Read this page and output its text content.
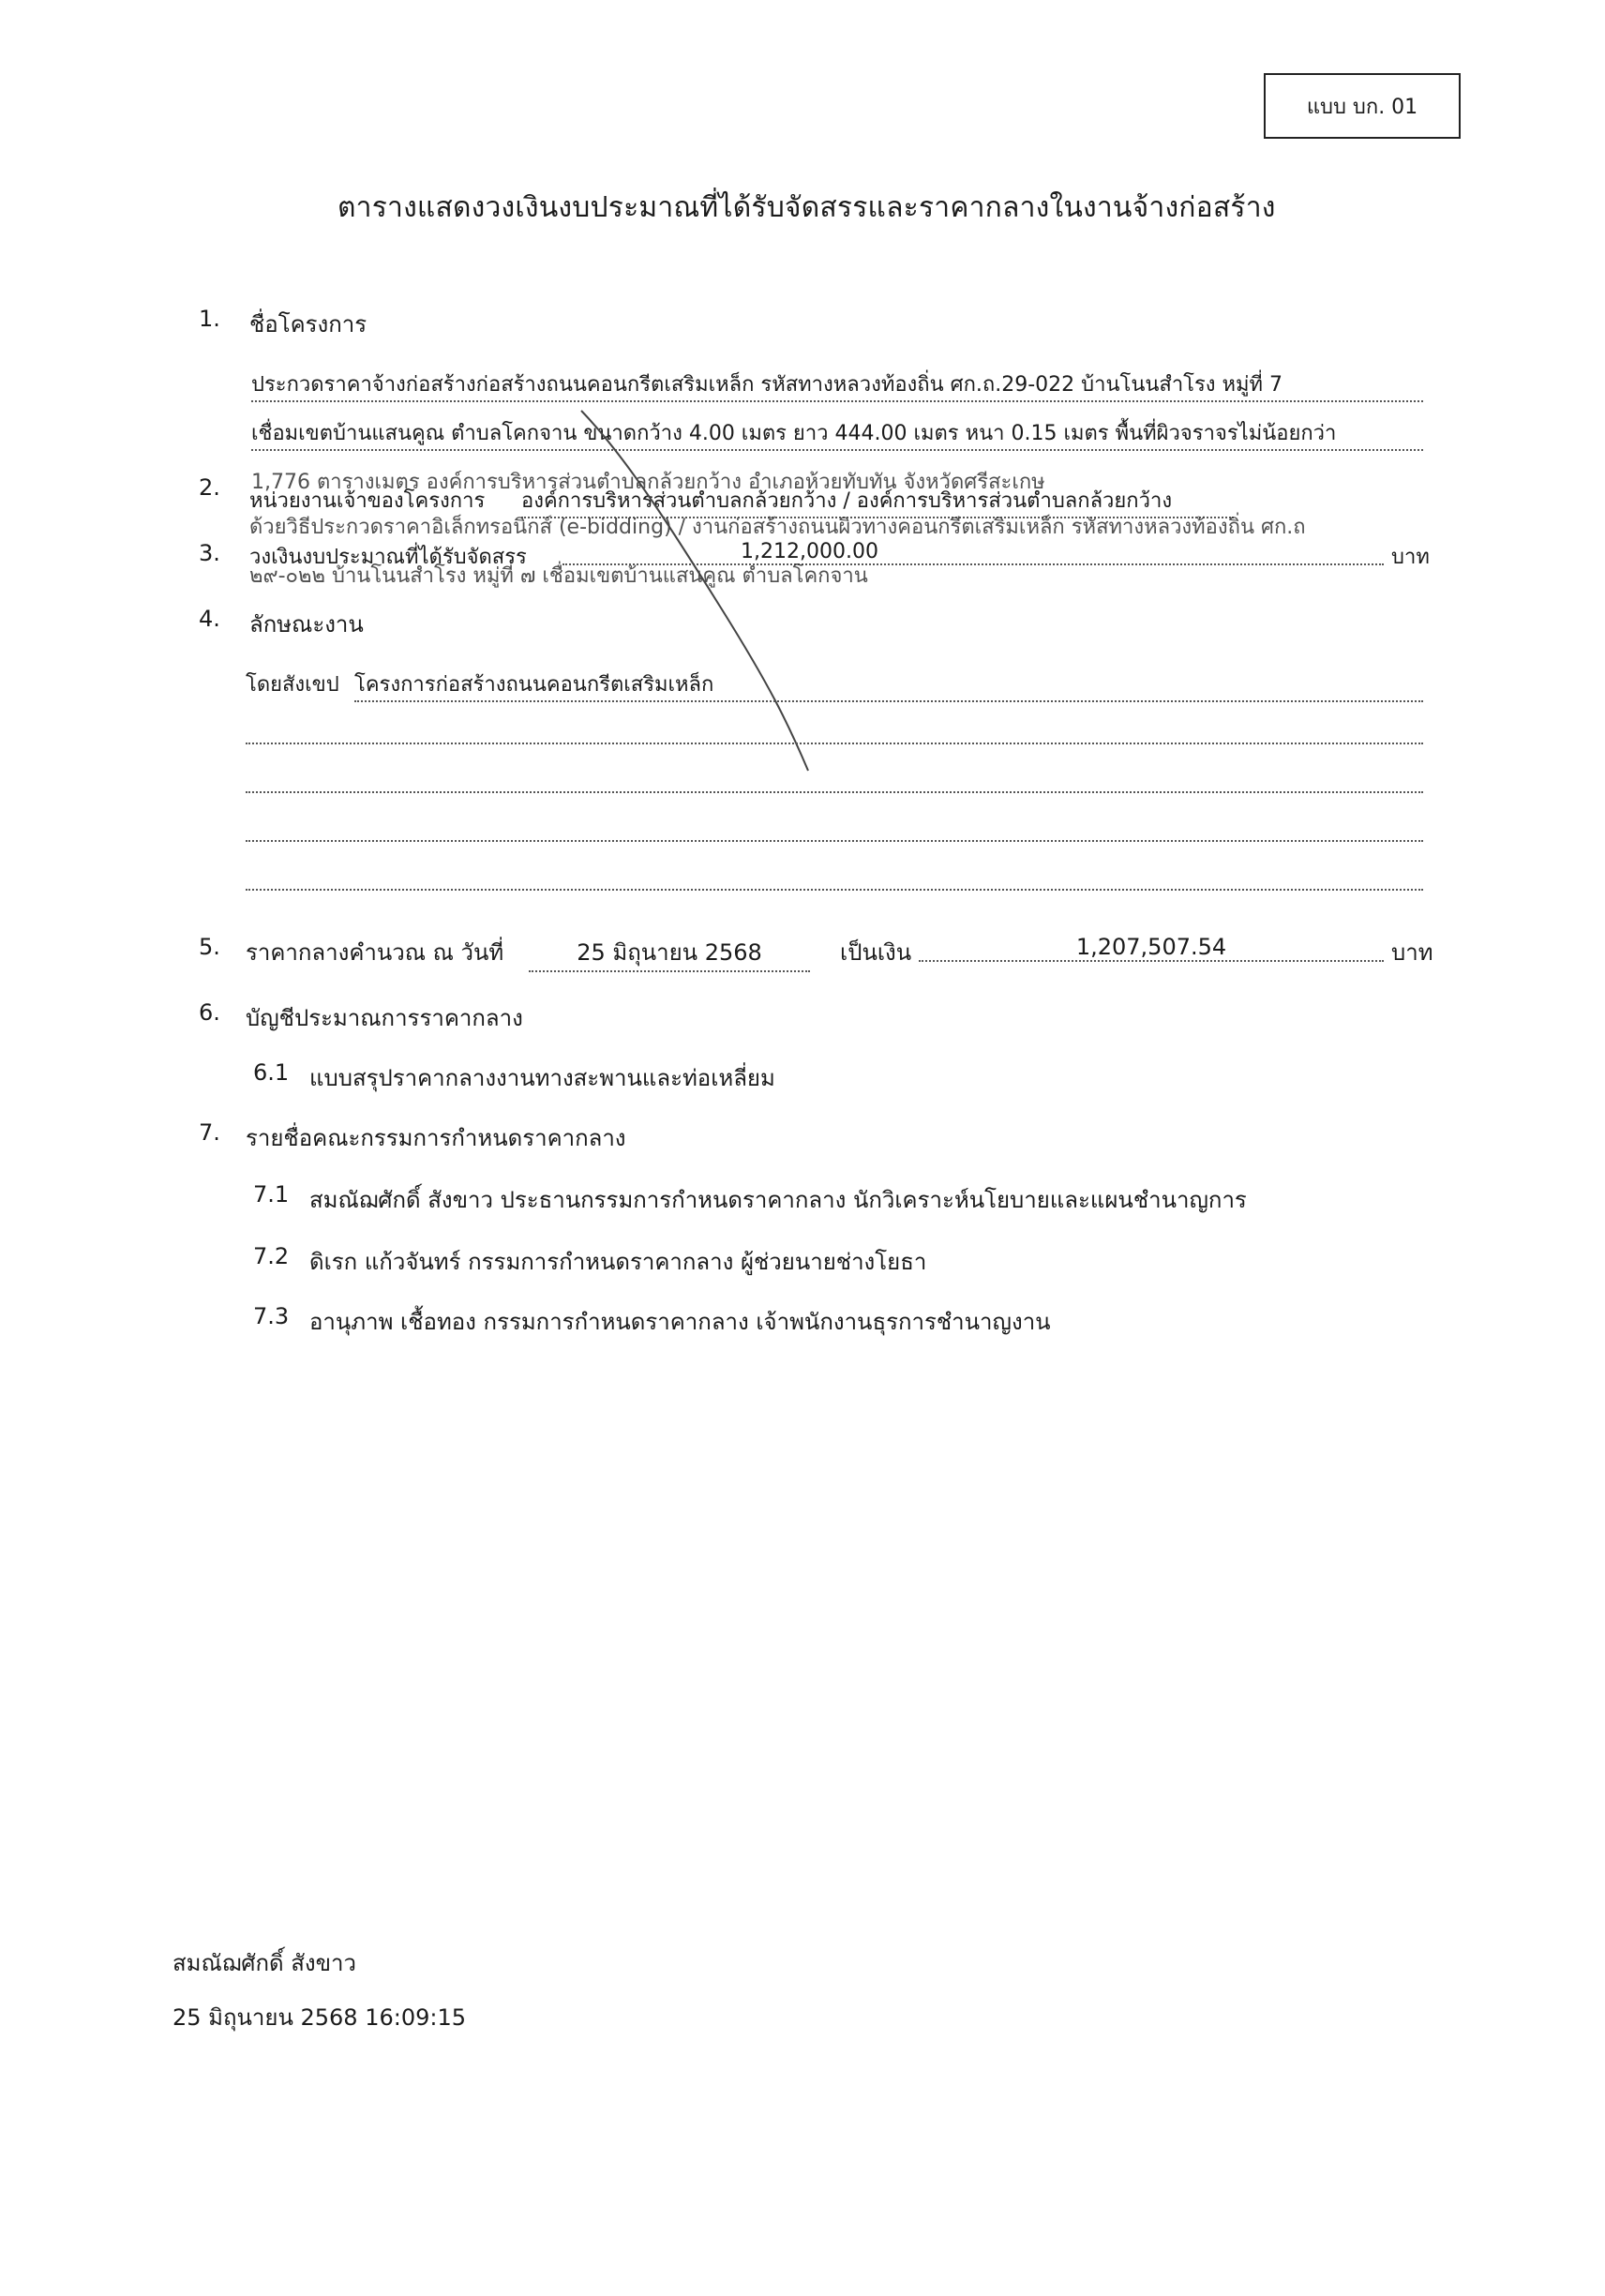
แบบ บก. 01
ตารางแสดงวงเงินงบประมาณที่ได้รับจัดสรรและราคากลางในงานจ้างก่อสร้าง
1. ชื่อโครงการ
ประกวดราคาจ้างก่อสร้างก่อสร้างถนนคอนกรีตเสริมเหล็ก รหัสทางหลวงท้องถิ่น ศก.ถ.29-022 บ้านโนนสำโรง หมู่ที่ 7
เชื่อมเขตบ้านแสนคูณ ตำบลโคกจาน ขนาดกว้าง 4.00 เมตร ยาว 444.00 เมตร หนา 0.15 เมตร พื้นที่ผิวจราจรไม่น้อยกว่า
1,776 ตารางเมตร องค์การบริหารส่วนตำบลกล้วยกว้าง อำเภอห้วยทับทัน จังหวัดศรีสะเกษ
2.
หน่วยงานเจ้าของโครงการ องค์การบริหารส่วนตำบลกล้วยกว้าง / องค์การบริหารส่วนตำบลกล้วยกว้าง
ด้วยวิธีประกวดราคาอิเล็กทรอนิกส์ (e-bidding) / งานก่อสร้างถนนผิวทางคอนกรีตเสริมเหล็ก รหัสทางหลวงท้องถิ่น ศก.ถ
3. วงเงินงบประมาณที่ได้รับจัดสรร	1,212,000.00	บาท
๒๙-๐๒๒ บ้านโนนสำโรง หมู่ที่ ๗ เชื่อมเขตบ้านแสนคูณ ตำบลโคกจาน
4. ลักษณะงาน
โดยสังเขป โครงการก่อสร้างถนนคอนกรีตเสริมเหล็ก
5. ราคากลางคำนวณ ณ วันที่	25 มิถุนายน 2568	เป็นเงิน	1,207,507.54	บาท
6. บัญชีประมาณการราคากลาง
6.1 แบบสรุปราคากลางงานทางสะพานและท่อเหลี่ยม
7. รายชื่อคณะกรรมการกำหนดราคากลาง
7.1 สมณัฌศักดิ์ สังขาว ประธานกรรมการกำหนดราคากลาง นักวิเคราะห์นโยบายและแผนชำนาญการ
7.2 ดิเรก แก้วจันทร์ กรรมการกำหนดราคากลาง ผู้ช่วยนายช่างโยธา
7.3 อานุภาพ เชื้อทอง กรรมการกำหนดราคากลาง เจ้าพนักงานธุรการชำนาญงาน
สมณัฌศักดิ์ สังขาว
25 มิถุนายน 2568 16:09:15
